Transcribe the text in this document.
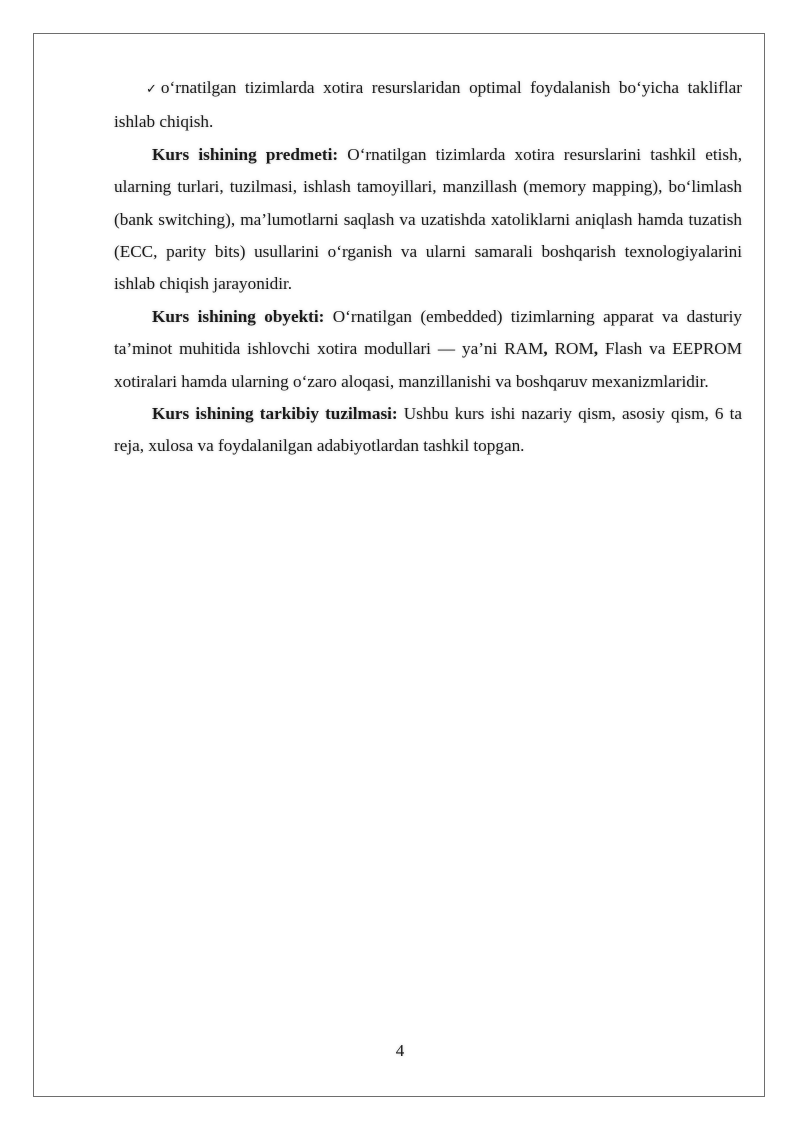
✓ o‘rnatilgan tizimlarda xotira resurslaridan optimal foydalanish bo‘yicha takliflar ishlab chiqish.

Kurs ishining predmeti: O‘rnatilgan tizimlarda xotira resurslarini tashkil etish, ularning turlari, tuzilmasi, ishlash tamoyillari, manzillash (memory mapping), bo‘limlash (bank switching), ma’lumotlarni saqlash va uzatishda xatoliklarni aniqlash hamda tuzatish (ECC, parity bits) usullarini o‘rganish va ularni samarali boshqarish texnologiyalarini ishlab chiqish jarayonidir.

Kurs ishining obyekti: O‘rnatilgan (embedded) tizimlarning apparat va dasturiy ta’minot muhitida ishlovchi xotira modullari — ya’ni RAM, ROM, Flash va EEPROM xotiralari hamda ularning o‘zaro aloqasi, manzillanishi va boshqaruv mexanizmlaridir.

Kurs ishining tarkibiy tuzilmasi: Ushbu kurs ishi nazariy qism, asosiy qism, 6 ta reja, xulosa va foydalanilgan adabiyotlardan tashkil topgan.

4
